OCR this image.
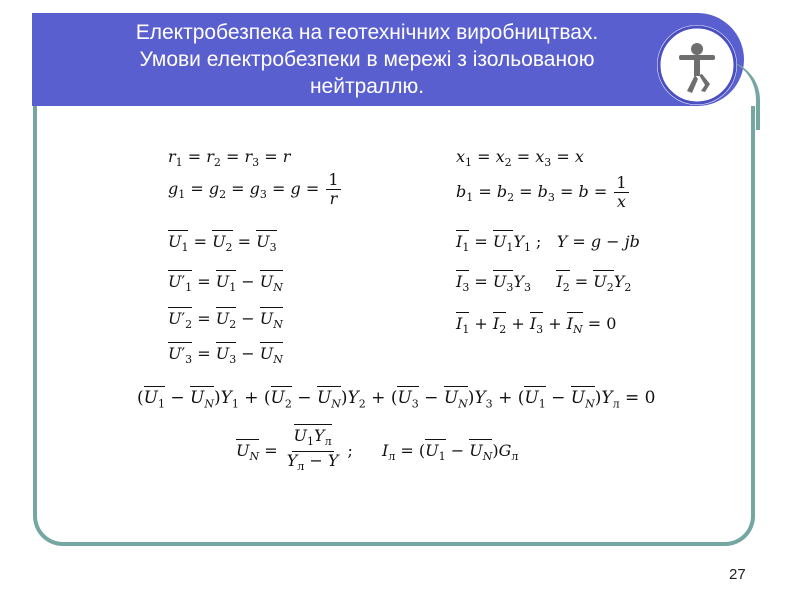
Електробезпека на геотехнічних виробництвах.
Умови електробезпеки в мережі з ізольованою
нейтраллю.
$r_1 = r_2 = r_3 = r$
$g_1 = g_2 = g_3 = g = \frac{1}{r}$
$U_1 = U_2 = U_3$
$U'_1 = U_1 - U_N$
$U'_2 = U_2 - U_N$
$U'_3 = U_3 - U_N$
$x_1 = x_2 = x_3 = x$
$b_1 = b_2 = b_3 = b = \frac{1}{x}$
$I_1 = U_1Y_1$ ;   Y = g − jb
$I_3 = U_3Y_3$ $I_2 = U_2Y_2$
$I_1 + I_2 + I_3 + I_N = 0$
$(U_1 - U_N)Y_1 + (U_2 - U_N)Y_2 + (U_3 - U_N)Y_3 + (U_1 - U_N)Y_л = 0$
$U_N = \frac{U_1Y_л}{Y_л - Y}$ ; $I_л = (U_1 - U_N)G_л$
27
